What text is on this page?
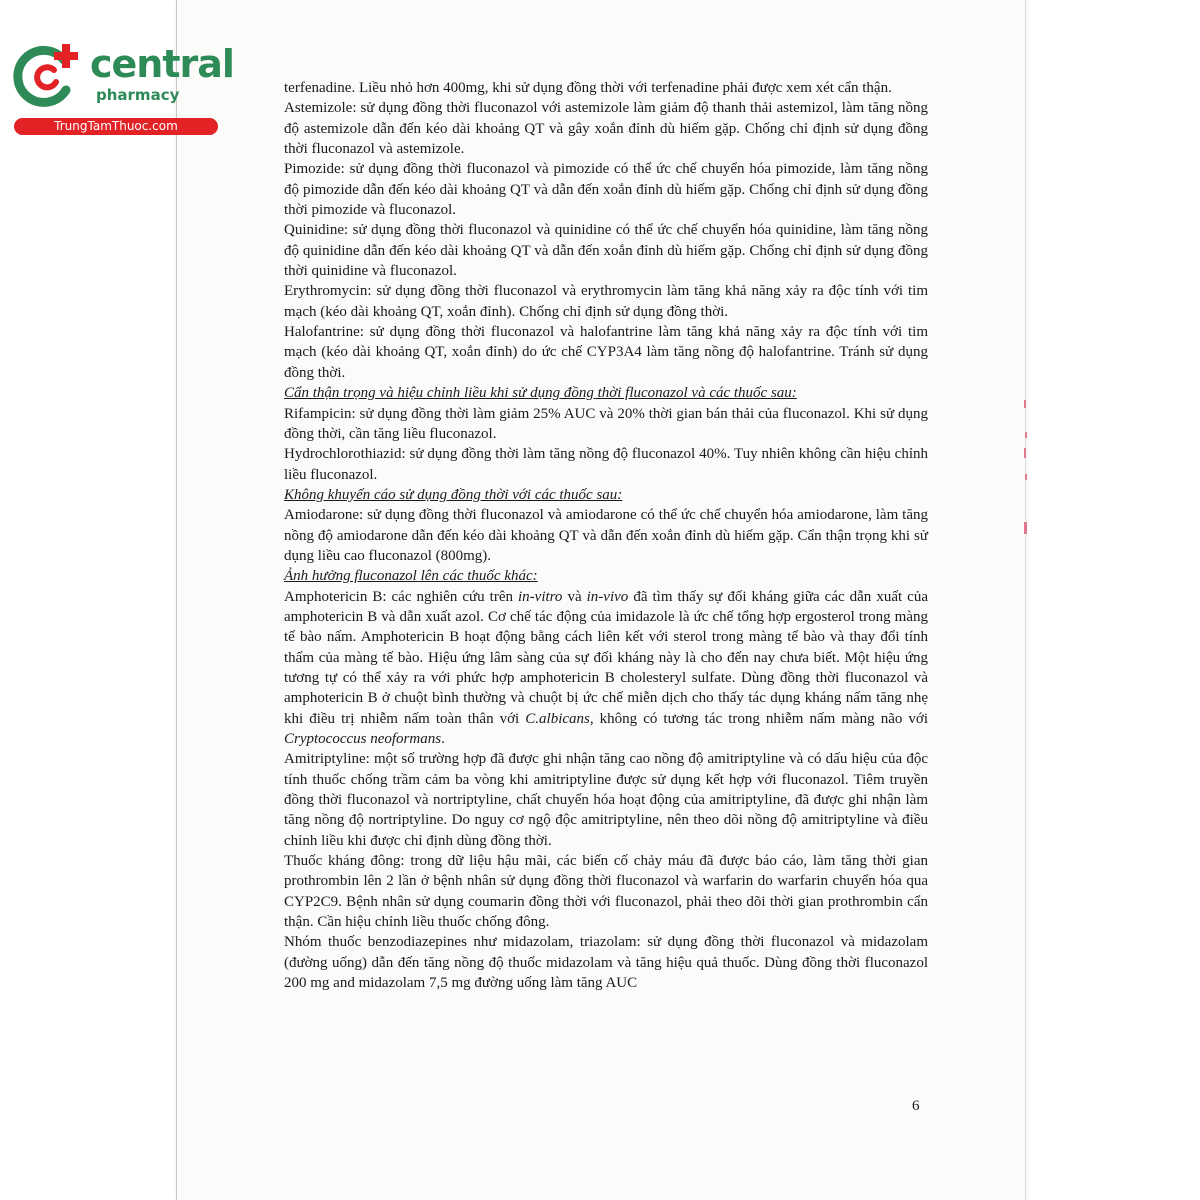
central
pharmacy
TrungTamThuoc.com

terfenadine. Liều nhỏ hơn 400mg, khi sử dụng đồng thời với terfenadine phải được xem xét cẩn thận.

Astemizole: sử dụng đồng thời fluconazol với astemizole làm giảm độ thanh thải astemizol, làm tăng nồng độ astemizole dẫn đến kéo dài khoảng QT và gây xoắn đỉnh dù hiếm gặp. Chống chỉ định sử dụng đồng thời fluconazol và astemizole.

Pimozide: sử dụng đồng thời fluconazol và pimozide có thể ức chế chuyển hóa pimozide, làm tăng nồng độ pimozide dẫn đến kéo dài khoảng QT và dẫn đến xoắn đỉnh dù hiếm gặp. Chống chỉ định sử dụng đồng thời pimozide và fluconazol.

Quinidine: sử dụng đồng thời fluconazol và quinidine có thể ức chế chuyển hóa quinidine, làm tăng nồng độ quinidine dẫn đến kéo dài khoảng QT và dẫn đến xoắn đỉnh dù hiếm gặp. Chống chỉ định sử dụng đồng thời quinidine và fluconazol.

Erythromycin: sử dụng đồng thời fluconazol và erythromycin làm tăng khả năng xảy ra độc tính với tim mạch (kéo dài khoảng QT, xoắn đỉnh). Chống chỉ định sử dụng đồng thời.

Halofantrine: sử dụng đồng thời fluconazol và halofantrine làm tăng khả năng xảy ra độc tính với tim mạch (kéo dài khoảng QT, xoắn đỉnh) do ức chế CYP3A4 làm tăng nồng độ halofantrine. Tránh sử dụng đồng thời.

Cẩn thận trọng và hiệu chỉnh liều khi sử dụng đồng thời fluconazol và các thuốc sau:

Rifampicin: sử dụng đồng thời làm giảm 25% AUC và 20% thời gian bán thải của fluconazol. Khi sử dụng đồng thời, cần tăng liều fluconazol.

Hydrochlorothiazid: sử dụng đồng thời làm tăng nồng độ fluconazol 40%. Tuy nhiên không cần hiệu chỉnh liều fluconazol.

Không khuyến cáo sử dụng đồng thời với các thuốc sau:

Amiodarone: sử dụng đồng thời fluconazol và amiodarone có thể ức chế chuyển hóa amiodarone, làm tăng nồng độ amiodarone dẫn đến kéo dài khoảng QT và dẫn đến xoắn đỉnh dù hiếm gặp. Cẩn thận trọng khi sử dụng liều cao fluconazol (800mg).

Ảnh hưởng fluconazol lên các thuốc khác:

Amphotericin B: các nghiên cứu trên in-vitro và in-vivo đã tìm thấy sự đối kháng giữa các dẫn xuất của amphotericin B và dẫn xuất azol. Cơ chế tác động của imidazole là ức chế tổng hợp ergosterol trong màng tế bào nấm. Amphotericin B hoạt động bằng cách liên kết với sterol trong màng tế bào và thay đổi tính thấm của màng tế bào. Hiệu ứng lâm sàng của sự đối kháng này là cho đến nay chưa biết. Một hiệu ứng tương tự có thể xảy ra với phức hợp amphotericin B cholesteryl sulfate. Dùng đồng thời fluconazol và amphotericin B ở chuột bình thường và chuột bị ức chế miễn dịch cho thấy tác dụng kháng nấm tăng nhẹ khi điều trị nhiễm nấm toàn thân với C.albicans, không có tương tác trong nhiễm nấm màng não với Cryptococcus neoformans.

Amitriptyline: một số trường hợp đã được ghi nhận tăng cao nồng độ amitriptyline và có dấu hiệu của độc tính thuốc chống trầm cảm ba vòng khi amitriptyline được sử dụng kết hợp với fluconazol. Tiêm truyền đồng thời fluconazol và nortriptyline, chất chuyển hóa hoạt động của amitriptyline, đã được ghi nhận làm tăng nồng độ nortriptyline. Do nguy cơ ngộ độc amitriptyline, nên theo dõi nồng độ amitriptyline và điều chỉnh liều khi được chỉ định dùng đồng thời.

Thuốc kháng đông: trong dữ liệu hậu mãi, các biến cố chảy máu đã được báo cáo, làm tăng thời gian prothrombin lên 2 lần ở bệnh nhân sử dụng đồng thời fluconazol và warfarin do warfarin chuyển hóa qua CYP2C9. Bệnh nhân sử dụng coumarin đồng thời với fluconazol, phải theo dõi thời gian prothrombin cẩn thận. Cần hiệu chỉnh liều thuốc chống đông.

Nhóm thuốc benzodiazepines như midazolam, triazolam: sử dụng đồng thời fluconazol và midazolam (đường uống) dẫn đến tăng nồng độ thuốc midazolam và tăng hiệu quả thuốc. Dùng đồng thời fluconazol 200 mg and midazolam 7,5 mg đường uống làm tăng AUC

6
